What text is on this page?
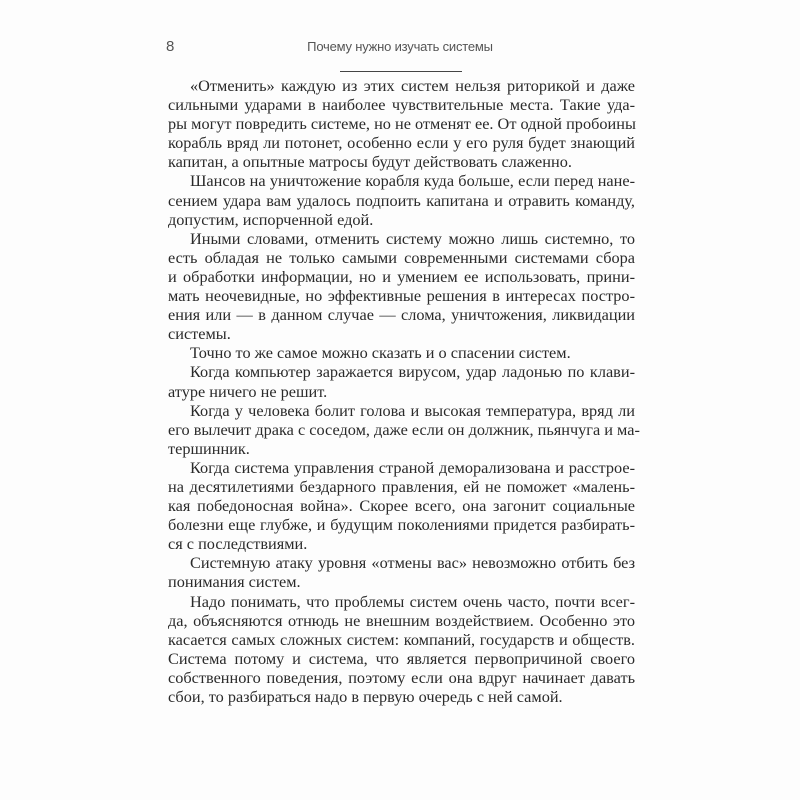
8	Почему нужно изучать системы
«Отменить» каждую из этих систем нельзя риторикой и даже
сильными ударами в наиболее чувствительные места. Такие уда-
ры могут повредить системе, но не отменят ее. От одной пробоины
корабль вряд ли потонет, особенно если у его руля будет знающий
капитан, а опытные матросы будут действовать слаженно.
Шансов на уничтожение корабля куда больше, если перед нане-
сением удара вам удалось подпоить капитана и отравить команду,
допустим, испорченной едой.
Иными словами, отменить систему можно лишь системно, то
есть обладая не только самыми современными системами сбора
и обработки информации, но и умением ее использовать, прини-
мать неочевидные, но эффективные решения в интересах постро-
ения или — в данном случае — слома, уничтожения, ликвидации
системы.
Точно то же самое можно сказать и о спасении систем.
Когда компьютер заражается вирусом, удар ладонью по клави-
атуре ничего не решит.
Когда у человека болит голова и высокая температура, вряд ли
его вылечит драка с соседом, даже если он должник, пьянчуга и ма-
тершинник.
Когда система управления страной деморализована и расстрое-
на десятилетиями бездарного правления, ей не поможет «малень-
кая победоносная война». Скорее всего, она загонит социальные
болезни еще глубже, и будущим поколениями придется разбирать-
ся с последствиями.
Системную атаку уровня «отмены вас» невозможно отбить без
понимания систем.
Надо понимать, что проблемы систем очень часто, почти всег-
да, объясняются отнюдь не внешним воздействием. Особенно это
касается самых сложных систем: компаний, государств и обществ.
Система потому и система, что является первопричиной своего
собственного поведения, поэтому если она вдруг начинает давать
сбои, то разбираться надо в первую очередь с ней самой.
